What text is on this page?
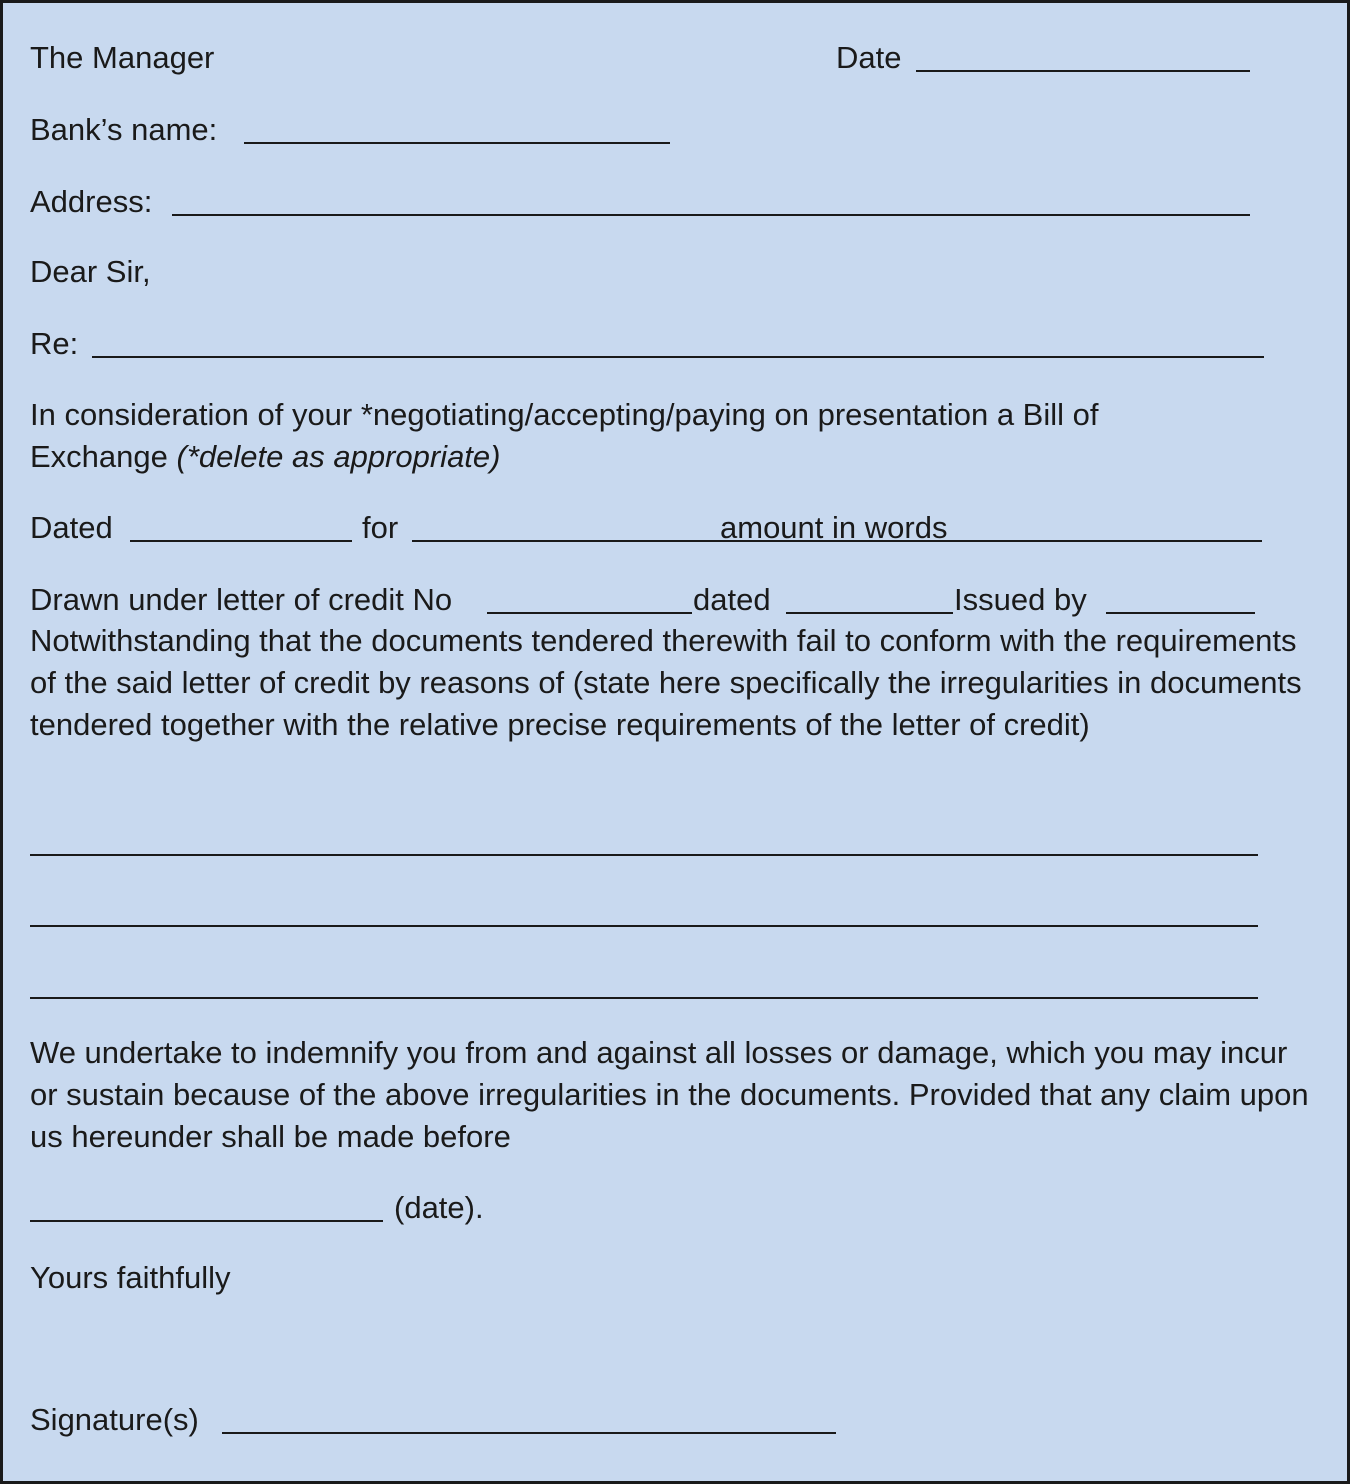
The Manager	Date
Bank’s name:
Address:
Dear Sir,
Re:
In consideration of your *negotiating/accepting/paying on presentation a Bill of Exchange (*delete as appropriate)
Dated	for	amount in words
Drawn under letter of credit No	dated	Issued by
Notwithstanding that the documents tendered therewith fail to conform with the requirements of the said letter of credit by reasons of (state here specifically the irregularities in documents tendered together with the relative precise requirements of the letter of credit)
We undertake to indemnify you from and against all losses or damage, which you may incur or sustain because of the above irregularities in the documents. Provided that any claim upon us hereunder shall be made before
(date).
Yours faithfully
Signature(s)
